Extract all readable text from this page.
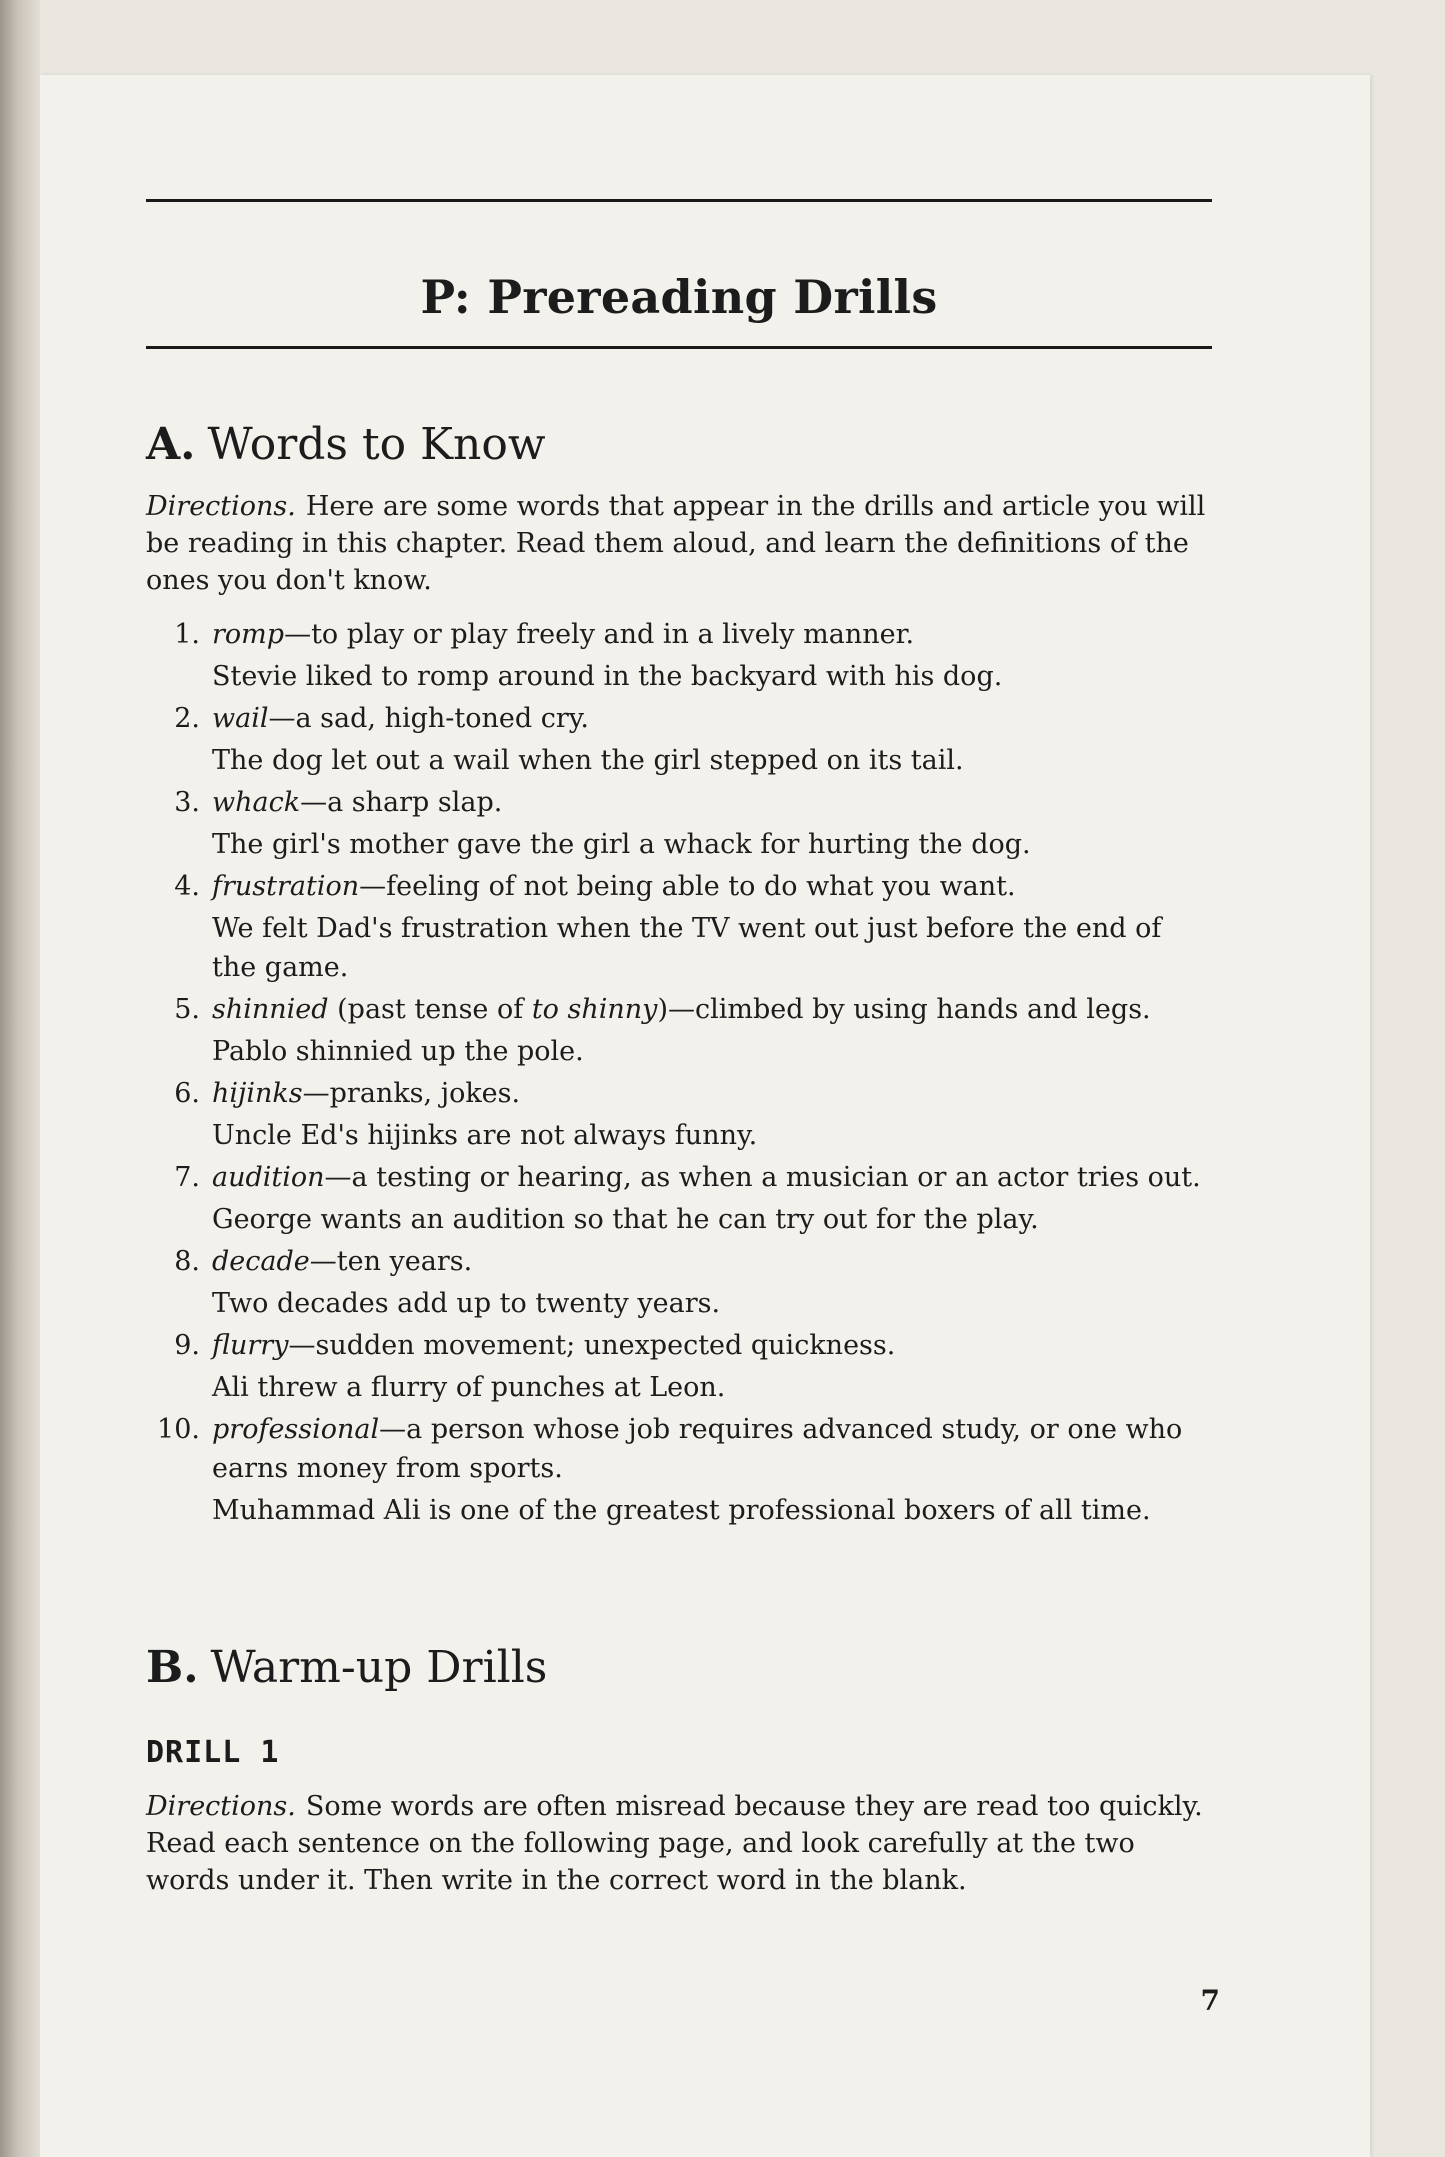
P: Prereading Drills
A. Words to Know

Directions. Here are some words that appear in the drills and article you will be reading in this chapter. Read them aloud, and learn the definitions of the ones you don't know.

1. romp—to play or play freely and in a lively manner.
Stevie liked to romp around in the backyard with his dog.
2. wail—a sad, high-toned cry.
The dog let out a wail when the girl stepped on its tail.
3. whack—a sharp slap.
The girl's mother gave the girl a whack for hurting the dog.
4. frustration—feeling of not being able to do what you want.
We felt Dad's frustration when the TV went out just before the end of the game.
5. shinnied (past tense of to shinny)—climbed by using hands and legs.
Pablo shinnied up the pole.
6. hijinks—pranks, jokes.
Uncle Ed's hijinks are not always funny.
7. audition—a testing or hearing, as when a musician or an actor tries out.
George wants an audition so that he can try out for the play.
8. decade—ten years.
Two decades add up to twenty years.
9. flurry—sudden movement; unexpected quickness.
Ali threw a flurry of punches at Leon.
10. professional—a person whose job requires advanced study, or one who earns money from sports.
Muhammad Ali is one of the greatest professional boxers of all time.
B. Warm-up Drills
DRILL 1

Directions. Some words are often misread because they are read too quickly. Read each sentence on the following page, and look carefully at the two words under it. Then write in the correct word in the blank.

7
